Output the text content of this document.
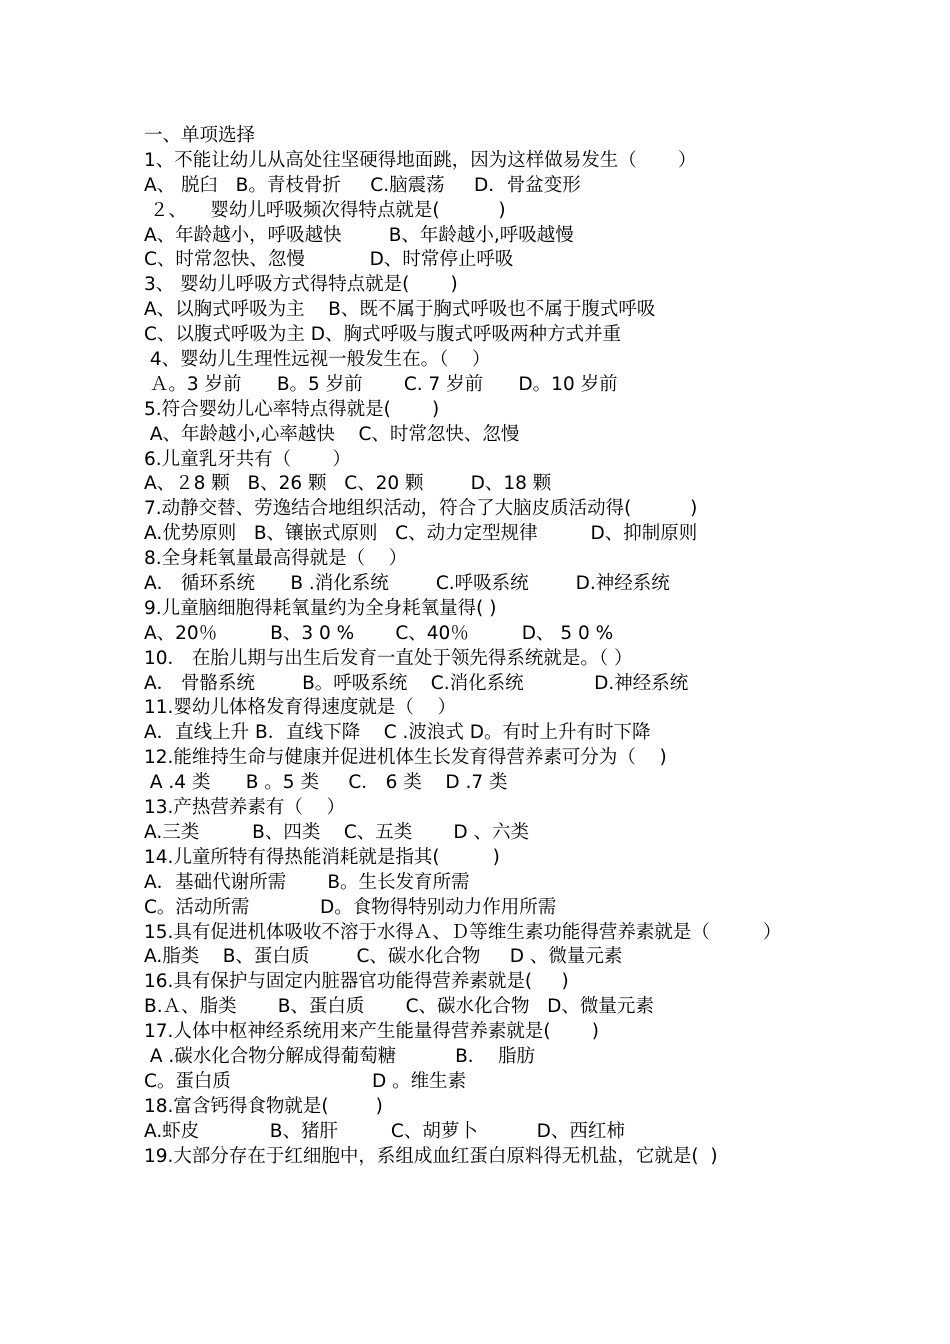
一、单项选择
1、不能让幼儿从高处往坚硬得地面跳，因为这样做易发生（       ）
A、 脱臼   B。青枝骨折     C.脑震荡     D．骨盆变形
２、    婴幼儿呼吸频次得特点就是(          )
A、年龄越小，呼吸越快        B、年龄越小,呼吸越慢
C、时常忽快、忽慢           D、时常停止呼吸
3、 婴幼儿呼吸方式得特点就是(       )
A、以胸式呼吸为主    B、既不属于胸式呼吸也不属于腹式呼吸
C、以腹式呼吸为主 D、胸式呼吸与腹式呼吸两种方式并重
4、婴幼儿生理性远视一般发生在。（    ）
Ａ。3 岁前      B。5 岁前       C. 7 岁前      D。10 岁前
5.符合婴幼儿心率特点得就是(       )
A、年龄越小,心率越快    C、时常忽快、忽慢
6.儿童乳牙共有（       ）
A、２8 颗   B、26 颗   C、20 颗        D、18 颗
7.动静交替、劳逸结合地组织活动，符合了大脑皮质活动得(          )
A.优势原则   B、镶嵌式原则   C、动力定型规律         D、抑制原则
8.全身耗氧量最高得就是（    ）
A． 循环系统      B .消化系统        C.呼吸系统        D.神经系统
9.儿童脑细胞得耗氧量约为全身耗氧量得( )
A、20％         B、3 0 %       C、40％         D、 5 0 %
10． 在胎儿期与出生后发育一直处于领先得系统就是。（ ）
A． 骨骼系统        B。呼吸系统    C.消化系统            D.神经系统
11.婴幼儿体格发育得速度就是（    ）
A．直线上升 B．直线下降    C .波浪式 D。有时上升有时下降
12.能维持生命与健康并促进机体生长发育得营养素可分为（    )
A .4 类      B 。5 类     C． 6 类    D .7 类
13.产热营养素有（    ）
A.三类         B、四类    C、五类       D 、六类
14.儿童所特有得热能消耗就是指其(         )
A．基础代谢所需       B。生长发育所需
C。活动所需            D。食物得特别动力作用所需
15.具有促进机体吸收不溶于水得Ａ、Ｄ等维生素功能得营养素就是（         ）
A.脂类    B、蛋白质        C、碳水化合物     D 、微量元素
16.具有保护与固定内脏器官功能得营养素就是(     )
B.Ａ、脂类       B、蛋白质       C、碳水化合物   D、微量元素
17.人体中枢神经系统用来产生能量得营养素就是(       )
A .碳水化合物分解成得葡萄糖          B．  脂肪
C。蛋白质                        D 。维生素
18.富含钙得食物就是(        )
A.虾皮            B、猪肝         C、胡萝卜          D、西红柿
19.大部分存在于红细胞中，系组成血红蛋白原料得无机盐，它就是(  )
